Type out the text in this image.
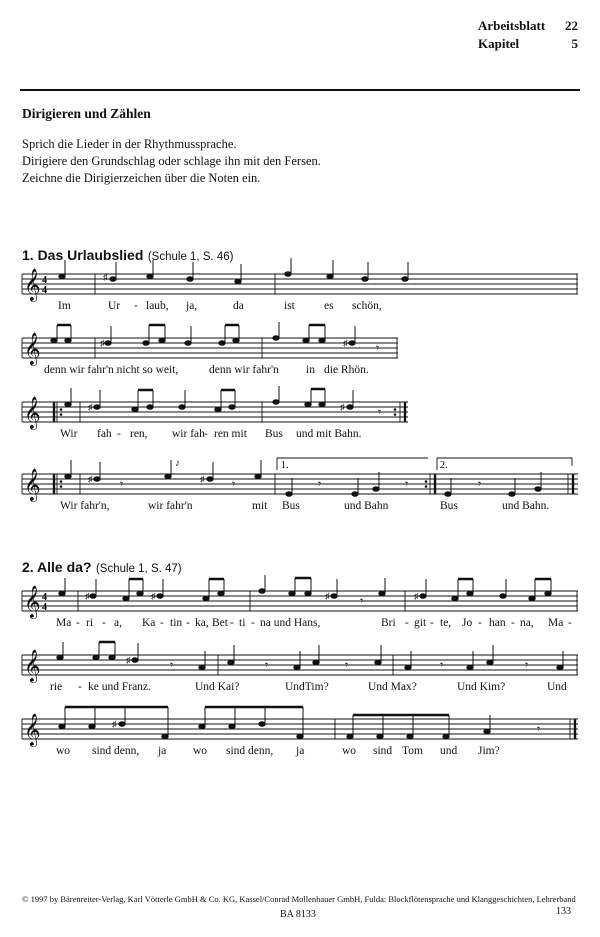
Arbeitsblatt	22
Kapitel	5
Dirigieren und Zählen
Sprich die Lieder in der Rhythmussprache.
Dirigiere den Grundschlag oder schlage ihn mit den Fersen.
Zeichne die Dirigierzeichen über die Noten ein.
1. Das Urlaubslied (Schule 1, S. 46)
𝄞 4
4
♯
𝄞	♯	♯ 𝄾
𝄞	♯	♯	𝄾
1.	2.
𝄞	♯ 𝄾
♪
♯ 𝄾	𝄾	𝄾	𝄾
Im	Ur - laub, ja,	da	ist	es schön,
denn wir fahr'n nicht so weit,	denn wir fahr'n in die Rhön.
Wir fah - ren, wir fah - ren mit Bus und mit Bahn.
Wir fahr'n,	wir fahr'n	mit Bus	und Bahn	Bus	und Bahn.
2. Alle da? (Schule 1, S. 47)
𝄞 4
4
♯	♯	♯	𝄾	♯
𝄞	♯	𝄾	𝄾	𝄾	𝄾	𝄾
𝄞	♯	𝄾
Ma - ri - a, Ka - tin - ka, Bet - ti - na und Hans,	Bri - git - te, Jo - han - na, Ma -
rie - ke und Franz.	Und Kai?	UndTim?	Und Max?	Und Kim?	Und
wo sind denn, ja wo sind denn, ja	wo sind Tom und Jim?
© 1997 by Bärenreiter-Verlag, Karl Vötterle GmbH & Co. KG, Kassel/Conrad Mollenhauer GmbH, Fulda: Blockflötensprache und Klanggeschichten, Lehrerband
BA 8133	133
